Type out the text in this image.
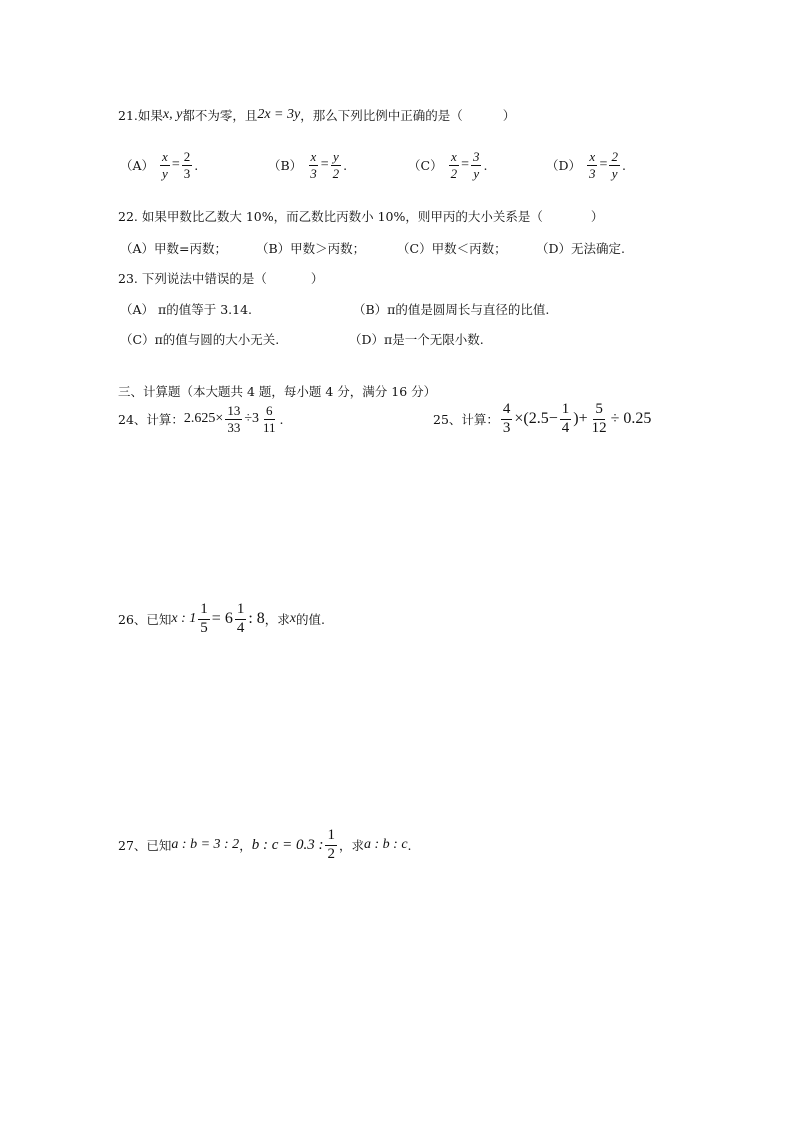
21.如果 x, y 都不为零，且 2x = 3y ，那么下列比例中正确的是（	）
$(A) \frac{x}{y} = \frac{2}{3}$ .	$(B) \frac{x}{3} = \frac{y}{2}$ .	$(C) \frac{x}{2} = \frac{3}{y}$ .	$(D) \frac{x}{3} = \frac{2}{y}$ .
22. 如果甲数比乙数大 10%，而乙数比丙数小 10%，则甲丙的大小关系是（	）
（A）甲数=丙数； （B）甲数＞丙数；	（C）甲数＜丙数； （D）无法确定.
23. 下列说法中错误的是（	）
（A） π的值等于 3.14.	（B）π的值是圆周长与直径的比值.
（C）π的值与圆的大小无关.	（D）π是一个无限小数.
三、计算题（本大题共 4 题，每小题 4 分，满分 16 分）
24、计算： $2.625\times \frac{13}{33} \div 3 \frac{6}{11}$ .	25、计算： $\frac{4}{3} \times(2.5- \frac{1}{4}$ )+ $\frac{5}{12} \div 0.25$
26、已知 x : $1 \frac{1}{5} = 6 \frac{1}{4}$ : 8 ，求 x 的值.
27、已知 a : b = 3 : 2 ， b : c = 0.3 : $\frac{1}{2}$ ，求 a : b : c .
